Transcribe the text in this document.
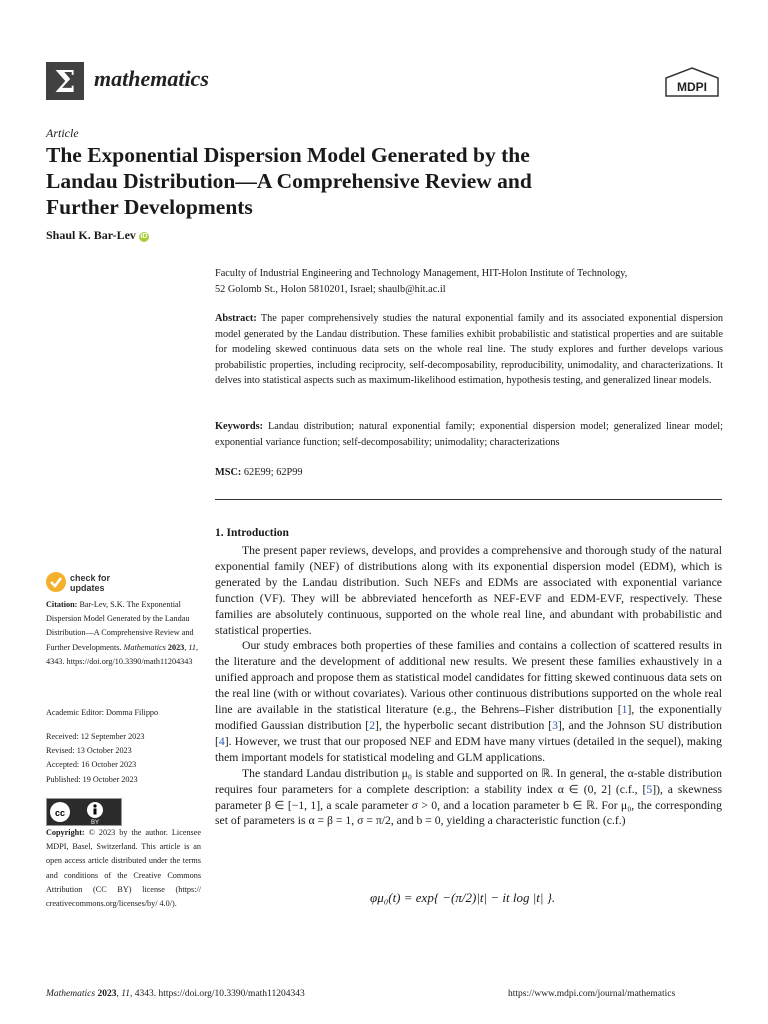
Σ mathematics	MDPI
Article
The Exponential Dispersion Model Generated by the
Landau Distribution—A Comprehensive Review and
Further Developments
Shaul K. Bar-Lev iD
Faculty of Industrial Engineering and Technology Management, HIT-Holon Institute of Technology,
52 Golomb St., Holon 5810201, Israel; shaulb@hit.ac.il
Abstract: The paper comprehensively studies the natural exponential family and its associated exponential dispersion model generated by the Landau distribution. These families exhibit probabilistic and statistical properties and are suitable for modeling skewed continuous data sets on the whole real line. The study explores and further develops various probabilistic properties, including reciprocity, self-decomposability, reproducibility, unimodality, and characterizations. It delves into statistical aspects such as maximum-likelihood estimation, hypothesis testing, and generalized linear models.
Keywords: Landau distribution; natural exponential family; exponential dispersion model; generalized linear model; exponential variance function; self-decomposability; unimodality; characterizations
MSC: 62E99; 62P99
1. Introduction

The present paper reviews, develops, and provides a comprehensive and thorough study of the natural exponential family (NEF) of distributions along with its exponential dispersion model (EDM), which is generated by the Landau distribution. Such NEFs and EDMs are associated with exponential variance function (VF). They will be abbreviated henceforth as NEF-EVF and EDM-EVF, respectively. These families are absolutely continuous, supported on the whole real line, and abundant with probabilistic and statistical properties.

Our study embraces both properties of these families and contains a collection of scattered results in the literature and the development of additional new results. We present these families exhaustively in a unified approach and propose them as statistical model candidates for fitting skewed continuous data sets on the real line (with or without covariates). Various other continuous distributions supported on the whole real line are available in the statistical literature (e.g., the Behrens–Fisher distribution [1], the exponentially modified Gaussian distribution [2], the hyperbolic secant distribution [3], and the Johnson SU distribution [4]. However, we trust that our proposed NEF and EDM have many virtues (detailed in the sequel), making them important models for statistical modeling and GLM applications.

The standard Landau distribution μ₀ is stable and supported on ℝ. In general, the α-stable distribution requires four parameters for a complete description: a stability index α ∈ (0, 2] (c.f., [5]), a skewness parameter β ∈ [−1, 1], a scale parameter σ > 0, and a location parameter b ∈ ℝ. For μ₀, the corresponding set of parameters is α = β = 1, σ = π/2, and b = 0, yielding a characteristic function (c.f.)

φμ₀(t) = exp{ −(π/2)|t| − it log |t| }.
check for updates
Citation: Bar-Lev, S.K. The Exponential Dispersion Model Generated by the Landau Distribution—A Comprehensive Review and Further Developments. Mathematics 2023, 11, 4343. https://doi.org/10.3390/math11204343
Academic Editor: Domma Filippo
Received: 12 September 2023
Revised: 13 October 2023
Accepted: 16 October 2023
Published: 19 October 2023
cc
BY
Copyright: © 2023 by the author. Licensee MDPI, Basel, Switzerland. This article is an open access article distributed under the terms and conditions of the Creative Commons Attribution (CC BY) license (https:// creativecommons.org/licenses/by/ 4.0/).
Mathematics 2023, 11, 4343. https://doi.org/10.3390/math11204343	https://www.mdpi.com/journal/mathematics
